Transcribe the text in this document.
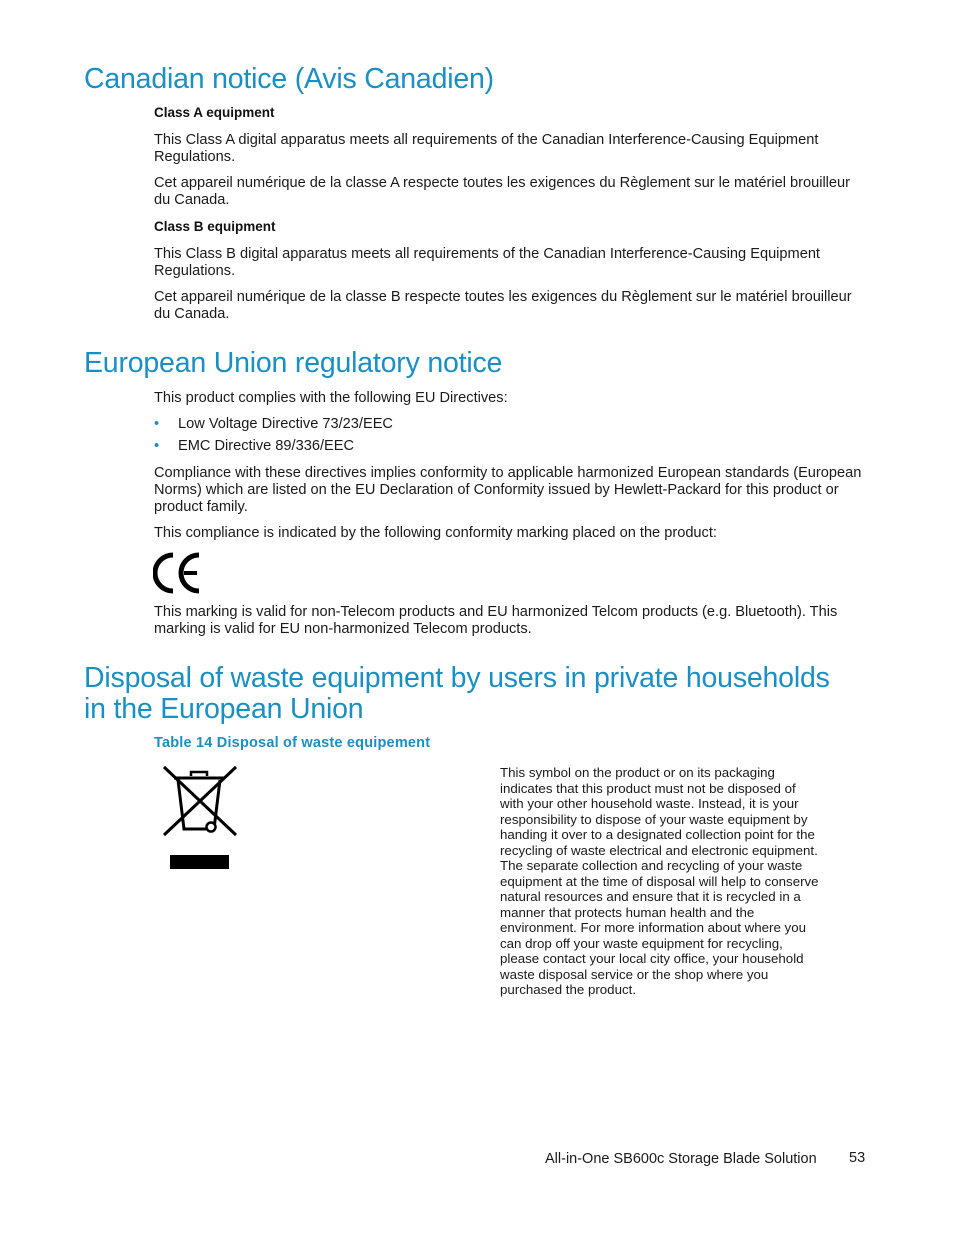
Canadian notice (Avis Canadien)

Class A equipment

This Class A digital apparatus meets all requirements of the Canadian Interference-Causing Equipment Regulations.

Cet appareil numérique de la classe A respecte toutes les exigences du Règlement sur le matériel brouilleur du Canada.

Class B equipment

This Class B digital apparatus meets all requirements of the Canadian Interference-Causing Equipment Regulations.

Cet appareil numérique de la classe B respecte toutes les exigences du Règlement sur le matériel brouilleur du Canada.

European Union regulatory notice

This product complies with the following EU Directives:

• Low Voltage Directive 73/23/EEC

• EMC Directive 89/336/EEC

Compliance with these directives implies conformity to applicable harmonized European standards (European Norms) which are listed on the EU Declaration of Conformity issued by Hewlett-Packard for this product or product family.

This compliance is indicated by the following conformity marking placed on the product:

This marking is valid for non-Telecom products and EU harmonized Telcom products (e.g. Bluetooth). This marking is valid for EU non-harmonized Telecom products.

Disposal of waste equipment by users in private households
in the European Union

Table 14 Disposal of waste equipement

This symbol on the product or on its packaging indicates that this product must not be disposed of with your other household waste. Instead, it is your responsibility to dispose of your waste equipment by handing it over to a designated collection point for the recycling of waste electrical and electronic equipment. The separate collection and recycling of your waste equipment at the time of disposal will help to conserve natural resources and ensure that it is recycled in a manner that protects human health and the environment. For more information about where you can drop off your waste equipment for recycling, please contact your local city office, your household waste disposal service or the shop where you purchased the product.

All-in-One SB600c Storage Blade Solution 53
